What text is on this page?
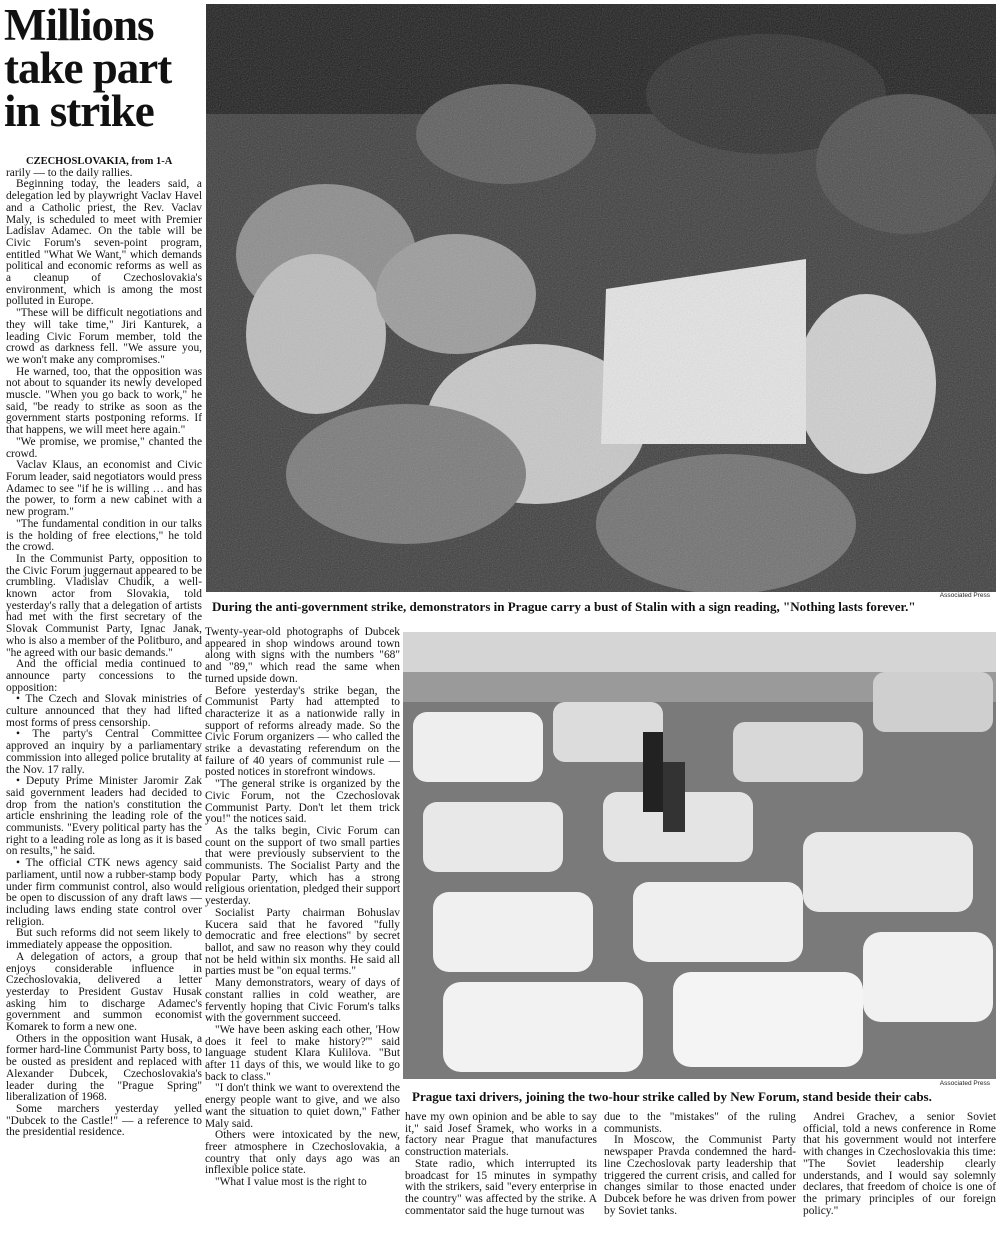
Millions take part in strike
CZECHOSLOVAKIA, from 1-A

rarily — to the daily rallies.

Beginning today, the leaders said, a delegation led by playwright Vaclav Havel and a Catholic priest, the Rev. Vaclav Maly, is scheduled to meet with Premier Ladislav Adamec. On the table will be Civic Forum's seven-point program, entitled "What We Want," which demands political and economic reforms as well as a cleanup of Czechoslovakia's environment, which is among the most polluted in Europe.

"These will be difficult negotiations and they will take time," Jiri Kanturek, a leading Civic Forum member, told the crowd as darkness fell. "We assure you, we won't make any compromises."

He warned, too, that the opposition was not about to squander its newly developed muscle. "When you go back to work," he said, "be ready to strike as soon as the government starts postponing reforms. If that happens, we will meet here again."

"We promise, we promise," chanted the crowd.

Vaclav Klaus, an economist and Civic Forum leader, said negotiators would press Adamec to see "if he is willing … and has the power, to form a new cabinet with a new program."

"The fundamental condition in our talks is the holding of free elections," he told the crowd.

In the Communist Party, opposition to the Civic Forum juggernaut appeared to be crumbling. Vladislav Chudik, a well-known actor from Slovakia, told yesterday's rally that a delegation of artists had met with the first secretary of the Slovak Communist Party, Ignac Janak, who is also a member of the Politburo, and "he agreed with our basic demands."

And the official media continued to announce party concessions to the opposition:

• The Czech and Slovak ministries of culture announced that they had lifted most forms of press censorship.

• The party's Central Committee approved an inquiry by a parliamentary commission into alleged police brutality at the Nov. 17 rally.

• Deputy Prime Minister Jaromir Zak said government leaders had decided to drop from the nation's constitution the article enshrining the leading role of the communists. "Every political party has the right to a leading role as long as it is based on results," he said.

• The official CTK news agency said parliament, until now a rubber-stamp body under firm communist control, also would be open to discussion of any draft laws — including laws ending state control over religion.

But such reforms did not seem likely to immediately appease the opposition.

A delegation of actors, a group that enjoys considerable influence in Czechoslovakia, delivered a letter yesterday to President Gustav Husak asking him to discharge Adamec's government and summon economist Komarek to form a new one.

Others in the opposition want Husak, a former hard-line Communist Party boss, to be ousted as president and replaced with Alexander Dubcek, Czechoslovakia's leader during the "Prague Spring" liberalization of 1968.

Some marchers yesterday yelled "Dubcek to the Castle!" — a reference to the presidential residence.

Associated Press
During the anti-government strike, demonstrators in Prague carry a bust of Stalin with a sign reading, "Nothing lasts forever."

Twenty-year-old photographs of Dubcek appeared in shop windows around town along with signs with the numbers "68" and "89," which read the same when turned upside down.

Before yesterday's strike began, the Communist Party had attempted to characterize it as a nationwide rally in support of reforms already made. So the Civic Forum organizers — who called the strike a devastating referendum on the failure of 40 years of communist rule — posted notices in storefront windows.

"The general strike is organized by the Civic Forum, not the Czechoslovak Communist Party. Don't let them trick you!" the notices said.

As the talks begin, Civic Forum can count on the support of two small parties that were previously subservient to the communists. The Socialist Party and the Popular Party, which has a strong religious orientation, pledged their support yesterday.

Socialist Party chairman Bohuslav Kucera said that he favored "fully democratic and free elections" by secret ballot, and saw no reason why they could not be held within six months. He said all parties must be "on equal terms."

Many demonstrators, weary of days of constant rallies in cold weather, are fervently hoping that Civic Forum's talks with the government succeed.

"We have been asking each other, 'How does it feel to make history?'" said language student Klara Kulilova. "But after 11 days of this, we would like to go back to class."

"I don't think we want to overextend the energy people want to give, and we also want the situation to quiet down," Father Maly said.

Others were intoxicated by the new, freer atmosphere in Czechoslovakia, a country that only days ago was an inflexible police state.

"What I value most is the right to

Associated Press
Prague taxi drivers, joining the two-hour strike called by New Forum, stand beside their cabs.

have my own opinion and be able to say it," said Josef Sramek, who works in a factory near Prague that manufactures construction materials.

State radio, which interrupted its broadcast for 15 minutes in sympathy with the strikers, said "every enterprise in the country" was affected by the strike. A commentator said the huge turnout was

due to the "mistakes" of the ruling communists.

In Moscow, the Communist Party newspaper Pravda condemned the hard-line Czechoslovak party leadership that triggered the current crisis, and called for changes similar to those enacted under Dubcek before he was driven from power by Soviet tanks.

Andrei Grachev, a senior Soviet official, told a news conference in Rome that his government would not interfere with changes in Czechoslovakia this time: "The Soviet leadership clearly understands, and I would say solemnly declares, that freedom of choice is one of the primary principles of our foreign policy."
